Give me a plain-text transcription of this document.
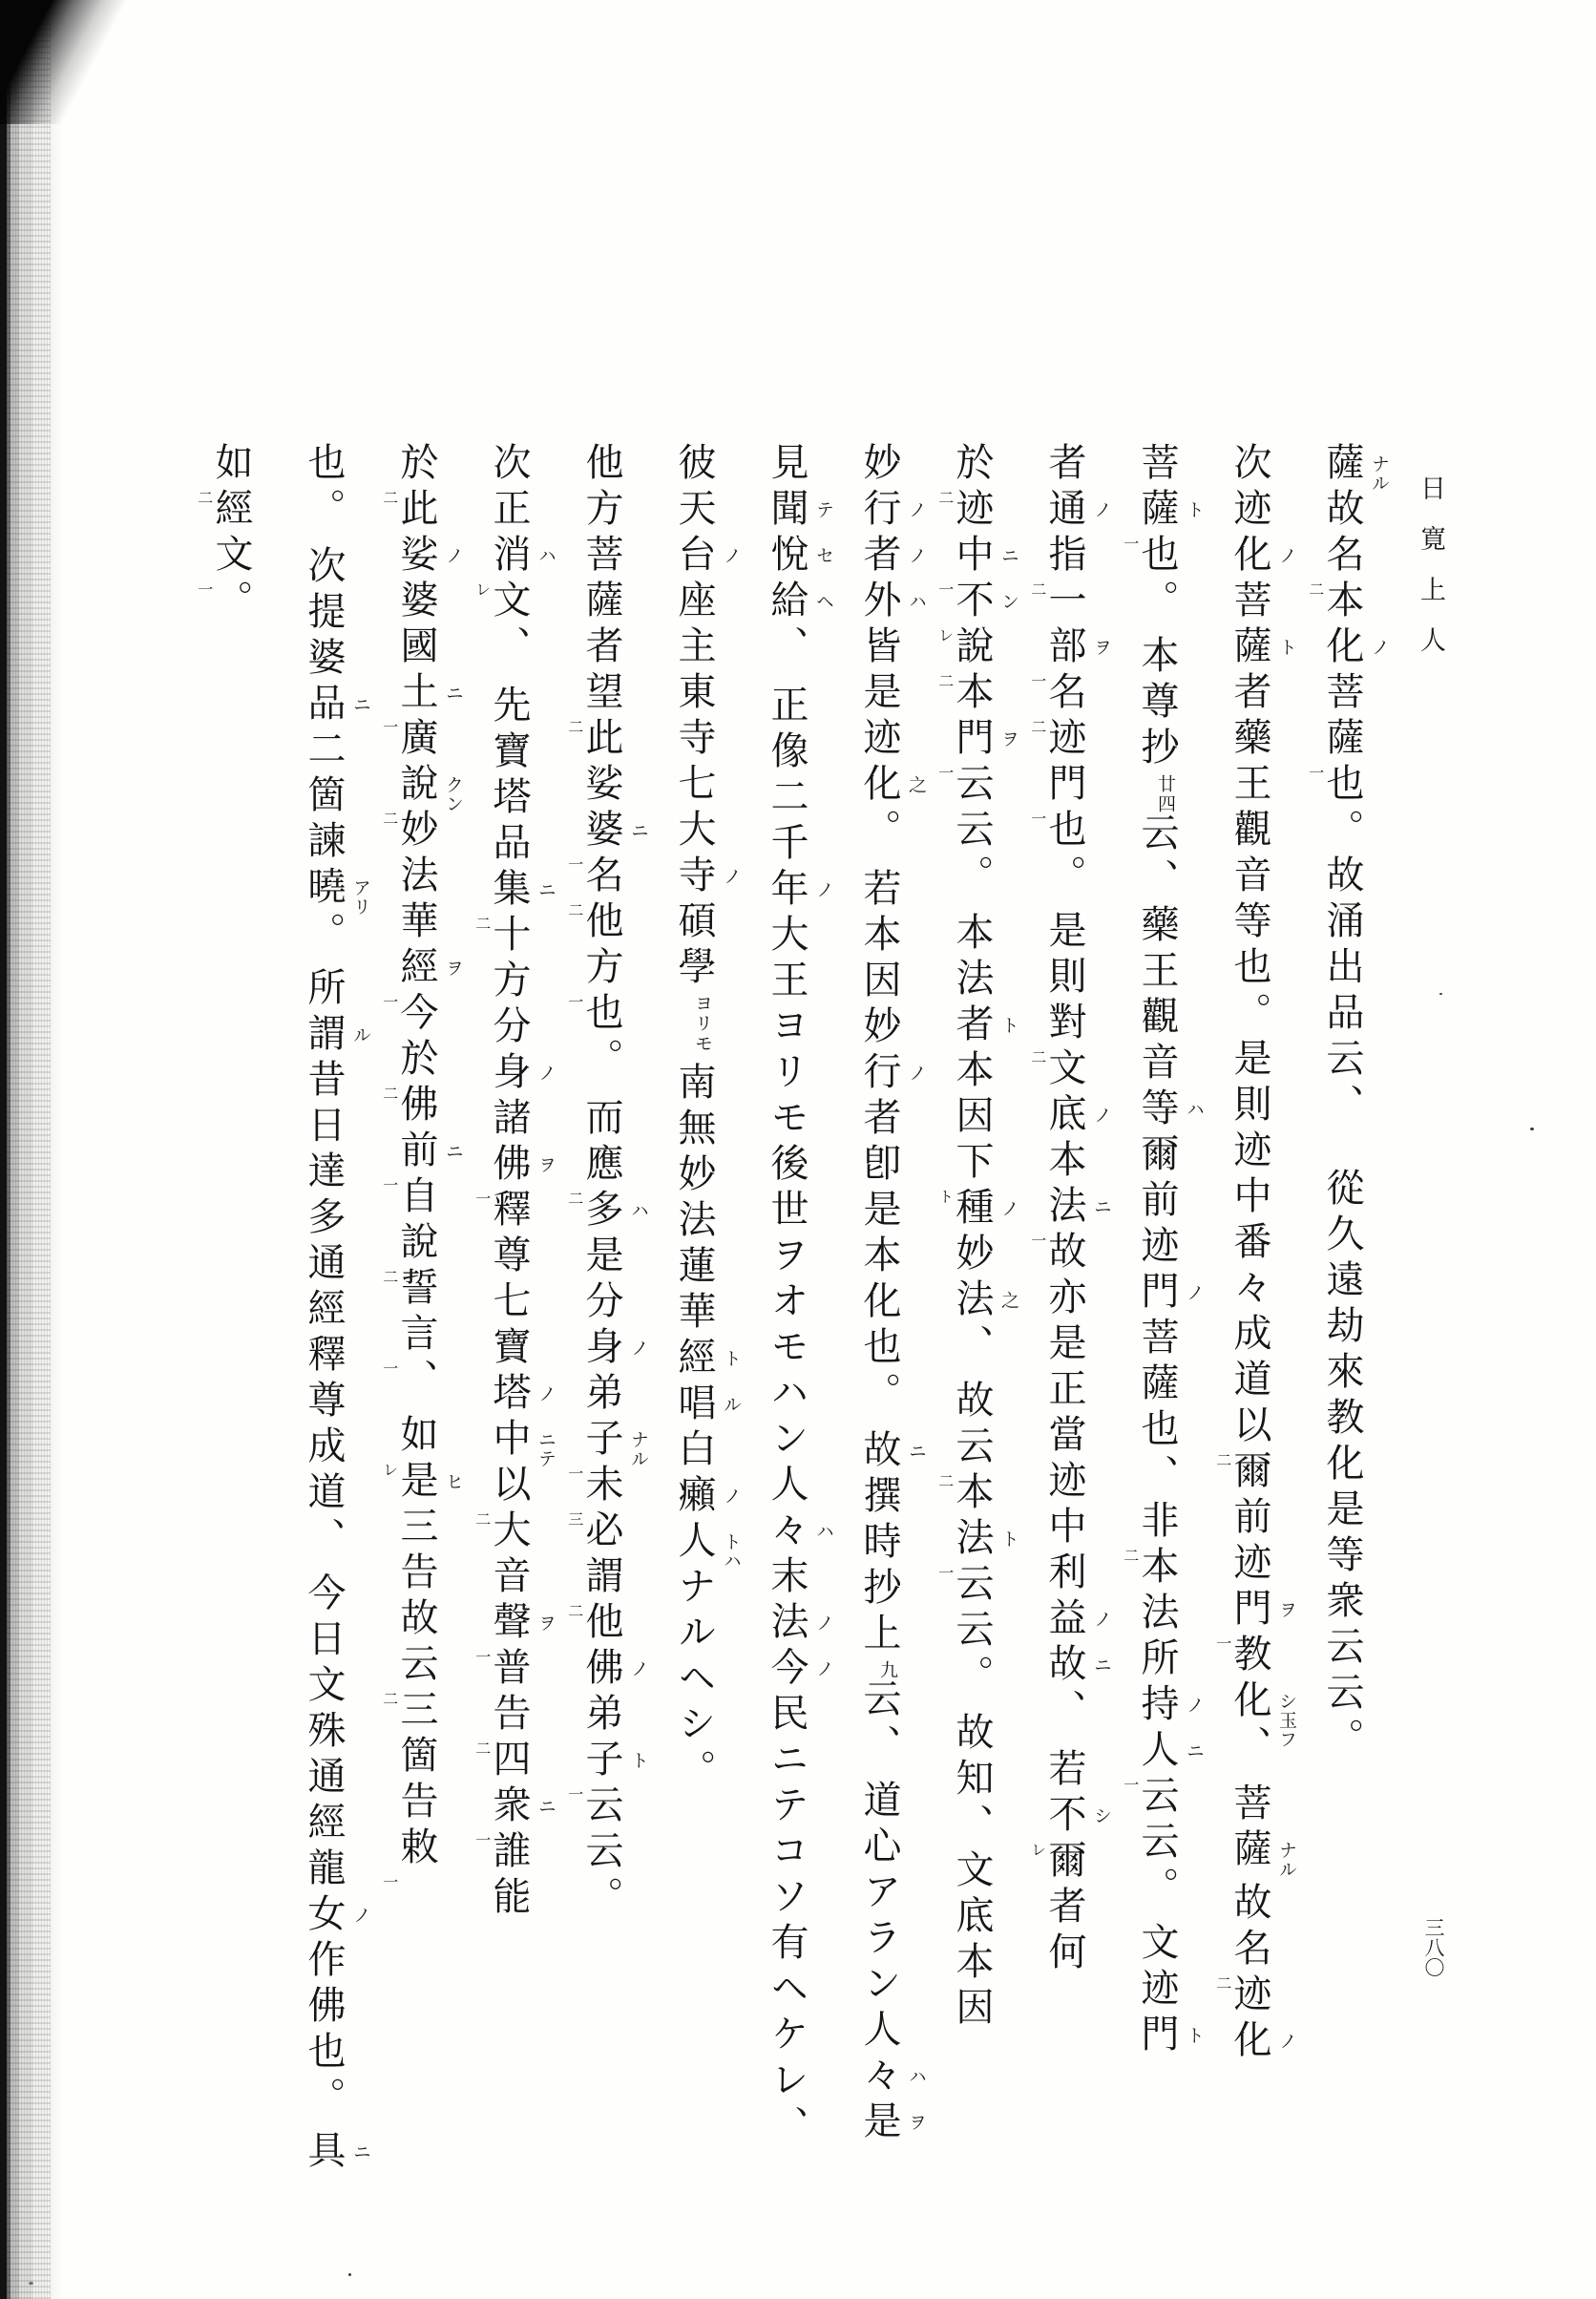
日寛上人
三八〇
薩 ナル
故名
二
本化 ノ
菩薩
一
也。故涌出品云、從久遠劫來教化是等衆云云。
次迹化 ノ
菩薩 ト
者藥王觀音等也。是則迹中番々成道以
二
爾前迹門 ヲ
一
教化 シ玉フ
、菩薩 ナル
故名
二
迹化 ノ
菩薩 ト
一
也。本尊抄廿四云、藥王觀音等 ハ
爾前迹門 ノ
菩薩也、非
二
本法所持 ノ
人 ニ
一
云云。文迹門 ト
者通 ノ
指
二
一部 ヲ
一
名
二
迹門
一
也。是則對
二
文底 ノ
本法 ニ
一
故亦是正當迹中利益 ノ
故 ニ
、若不 シ
レ
爾者何
於
二
迹中 ニ
一
不 ン
レ
說
二
本門 ヲ
一
云云。本法者 ト
本因下
ト
種 ノ
妙法 之
、故云
二
本法 ト
一
云云。故知、文底本因
妙行 ノ
者 ノ
外 ハ
皆是迹化 之
。若本因妙行 ノ
者卽是本化也。故 ニ
撰時抄上九云、道心アラン人々 ハ
是 ヲ
見聞 テ
悅 セ
給 ヘ
、正像二千年 ノ
大王ヨリモ後世ヲオモハン人々 ハ
末法 ノ
今 ノ
民ニテコソ有ヘケレ、
彼天台 ノ
座主東寺七大寺 ノ
碩學ヨリモ南無妙法蓮華經 ト
唱 ル
白癩 ノ
人 トハ
ナルヘシ。
他方菩薩者望
二
此娑婆 ニ
一
名
二
他方
一
也。而應
二
多 ハ
是分身 ノ
弟子 ナル
一
未
三
必謂
二
他佛 ノ
弟子 ト
一
云云。
次正消 ハ
レ
文、先寶塔品集 ニ
二
十方分身 ノ
諸佛 ヲ
一
釋尊七寶塔 ノ
中 ニテ
以
二
大音聲 ヲ
一
普告
二
四衆 ニ
一
誰能
於
二
此娑 ノ
婆國土 ニ
一
廣說 クン
二
妙法華經 ヲ
一
今於
二
佛前 ニ
一
自說
二
誓言
一
、如
レ
是 ヒ
三告故云
二
三箇告敕
一
也。次提婆品 ニ
二箇諫曉 アリ
。所謂 ル
昔日達多通經釋尊成道、今日文殊通經龍女 ノ
作佛也。具 ニ
如
二
經文
一
。
